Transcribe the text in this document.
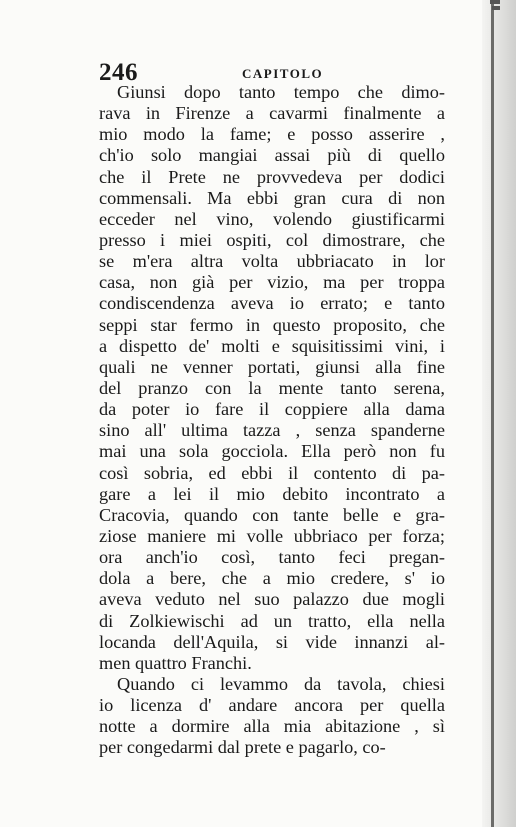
246	CAPITOLO
Giunsi dopo tanto tempo che dimo-
rava in Firenze a cavarmi finalmente a
mio modo la fame; e posso asserire ,
ch'io solo mangiai assai più di quello
che il Prete ne provvedeva per dodici
commensali. Ma ebbi gran cura di non
ecceder nel vino, volendo giustificarmi
presso i miei ospiti, col dimostrare, che
se m'era altra volta ubbriacato in lor
casa, non già per vizio, ma per troppa
condiscendenza aveva io errato; e tanto
seppi star fermo in questo proposito, che
a dispetto de' molti e squisitissimi vini, i
quali ne venner portati, giunsi alla fine
del pranzo con la mente tanto serena,
da poter io fare il coppiere alla dama
sino all' ultima tazza , senza spanderne
mai una sola gocciola. Ella però non fu
così sobria, ed ebbi il contento di pa-
gare a lei il mio debito incontrato a
Cracovia, quando con tante belle e gra-
ziose maniere mi volle ubbriaco per forza;
ora anch'io così, tanto feci pregan-
dola a bere, che a mio credere, s' io
aveva veduto nel suo palazzo due mogli
di Zolkiewischi ad un tratto, ella nella
locanda dell'Aquila, si vide innanzi al-
men quattro Franchi.
Quando ci levammo da tavola, chiesi
io licenza d' andare ancora per quella
notte a dormire alla mia abitazione , sì
per congedarmi dal prete e pagarlo, co-
